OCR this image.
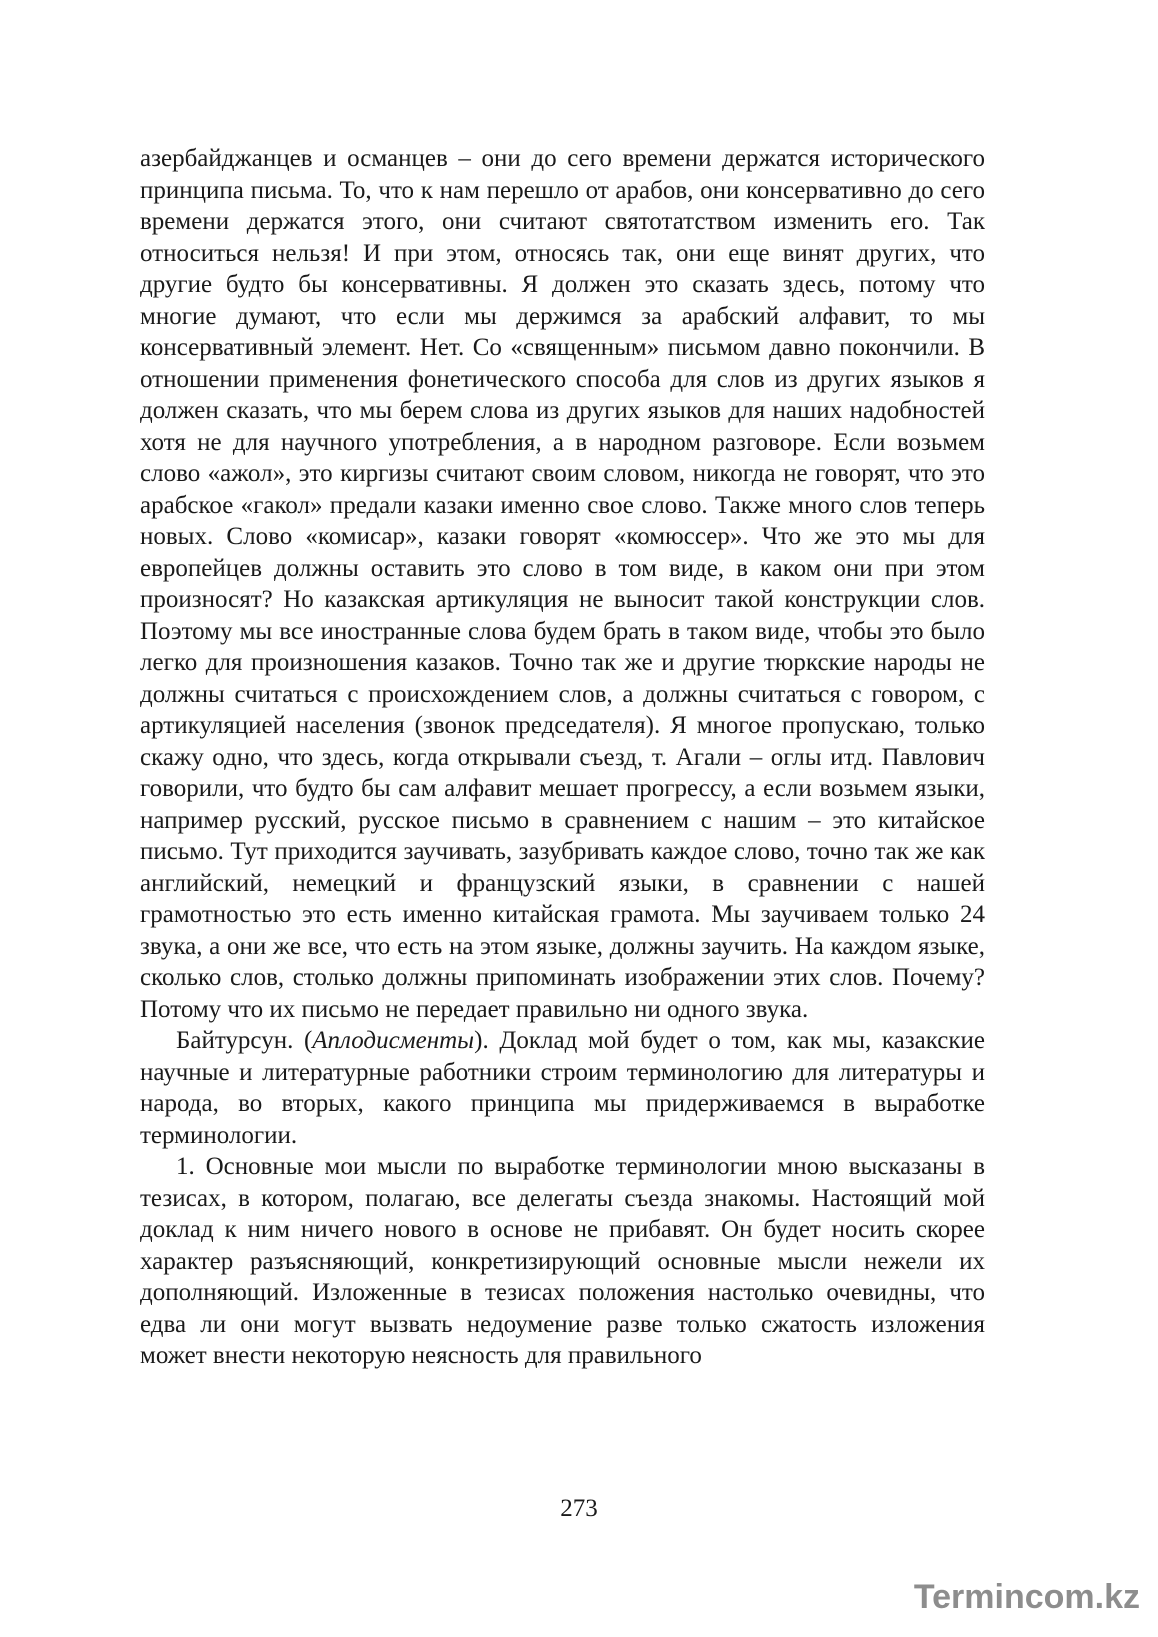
азербайджанцев и османцев – они до сего времени держатся исторического принципа письма. То, что к нам перешло от арабов, они консервативно до сего времени держатся этого, они считают святотатством изменить его. Так относиться нельзя! И при этом, относясь так, они еще винят других, что другие будто бы консервативны. Я должен это сказать здесь, потому что многие думают, что если мы держимся за арабский алфавит, то мы консервативный элемент. Нет. Со «священным» письмом давно покончили. В отношении применения фонетического способа для слов из других языков я должен сказать, что мы берем слова из других языков для наших надобностей хотя не для научного употребления, а в народном разговоре. Если возьмем слово «ажол», это киргизы считают своим словом, никогда не говорят, что это арабское «гакол» предали казаки именно свое слово. Также много слов теперь новых. Слово «комисар», казаки говорят «комюссер». Что же это мы для европейцев должны оставить это слово в том виде, в каком они при этом произносят? Но казакская артикуляция не выносит такой конструкции слов. Поэтому мы все иностранные слова будем брать в таком виде, чтобы это было легко для произношения казаков. Точно так же и другие тюркские народы не должны считаться с происхождением слов, а должны считаться с говором, с артикуляцией населения (звонок председателя). Я многое пропускаю, только скажу одно, что здесь, когда открывали съезд, т. Агали – оглы итд. Павлович говорили, что будто бы сам алфавит мешает прогрессу, а если возьмем языки, например русский, русское письмо в сравнением с нашим – это китайское письмо. Тут приходится заучивать, зазубривать каждое слово, точно так же как английский, немецкий и французский языки, в сравнении с нашей грамотностью это есть именно китайская грамота. Мы заучиваем только 24 звука, а они же все, что есть на этом языке, должны заучить. На каждом языке, сколько слов, столько должны припоминать изображении этих слов. Почему? Потому что их письмо не передает правильно ни одного звука.

Байтурсун. (Аплодисменты). Доклад мой будет о том, как мы, казакские научные и литературные работники строим терминологию для литературы и народа, во вторых, какого принципа мы придерживаемся в выработке терминологии.

1. Основные мои мысли по выработке терминологии мною высказаны в тезисах, в котором, полагаю, все делегаты съезда знакомы. Настоящий мой доклад к ним ничего нового в основе не прибавят. Он будет носить скорее характер разъясняющий, конкретизирующий основные мысли нежели их дополняющий. Изложенные в тезисах положения настолько очевидны, что едва ли они могут вызвать недоумение разве только сжатость изложения может внести некоторую неясность для правильного

273
Termincom.kz
